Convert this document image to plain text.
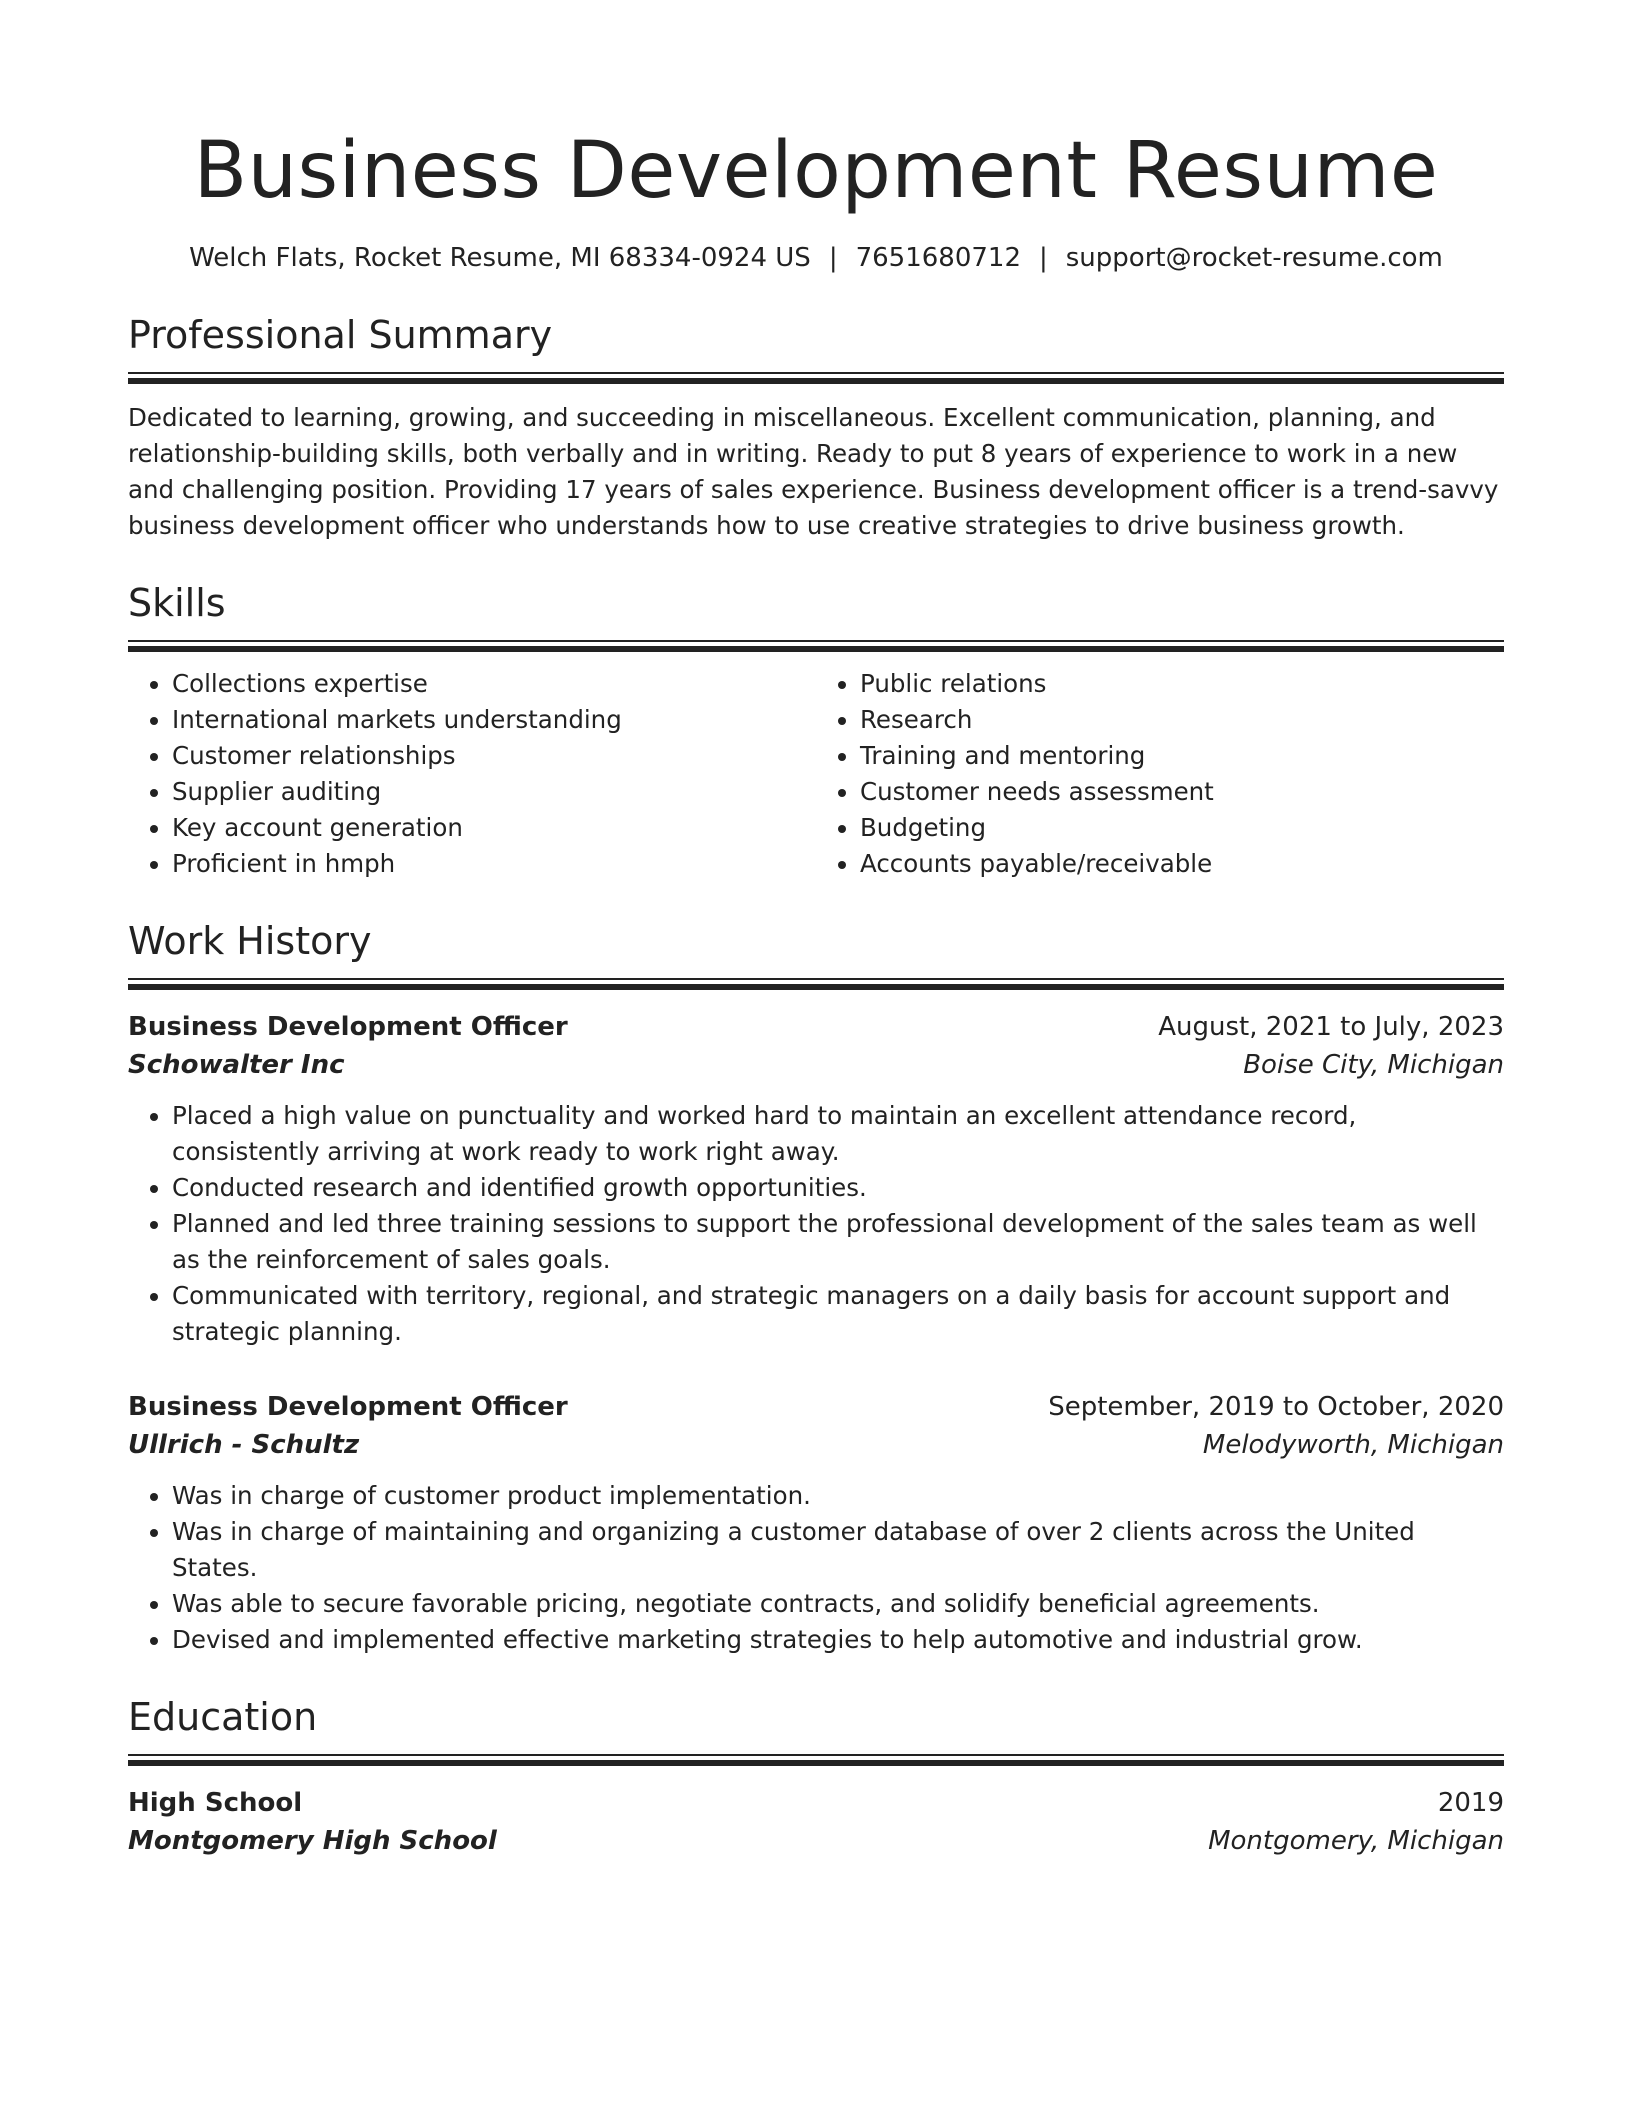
Business Development Resume
Welch Flats, Rocket Resume, MI 68334-0924 US | 7651680712 | support@rocket-resume.com
Professional Summary

Dedicated to learning, growing, and succeeding in miscellaneous. Excellent communication, planning, and relationship-building skills, both verbally and in writing. Ready to put 8 years of experience to work in a new and challenging position. Providing 17 years of sales experience. Business development officer is a trend-savvy business development officer who understands how to use creative strategies to drive business growth.

Skills
• Collections expertise
• International markets understanding
• Customer relationships
• Supplier auditing
• Key account generation
• Proficient in hmph
• Public relations
• Research
• Training and mentoring
• Customer needs assessment
• Budgeting
• Accounts payable/receivable
Work History
Business Development Officer	August, 2021 to July, 2023
Schowalter Inc	Boise City, Michigan
• Placed a high value on punctuality and worked hard to maintain an excellent attendance record, consistently arriving at work ready to work right away.
• Conducted research and identified growth opportunities.
• Planned and led three training sessions to support the professional development of the sales team as well as the reinforcement of sales goals.
• Communicated with territory, regional, and strategic managers on a daily basis for account support and strategic planning.
Business Development Officer	September, 2019 to October, 2020
Ullrich - Schultz	Melodyworth, Michigan
• Was in charge of customer product implementation.
• Was in charge of maintaining and organizing a customer database of over 2 clients across the United States.
• Was able to secure favorable pricing, negotiate contracts, and solidify beneficial agreements.
• Devised and implemented effective marketing strategies to help automotive and industrial grow.
Education
High School	2019
Montgomery High School	Montgomery, Michigan
